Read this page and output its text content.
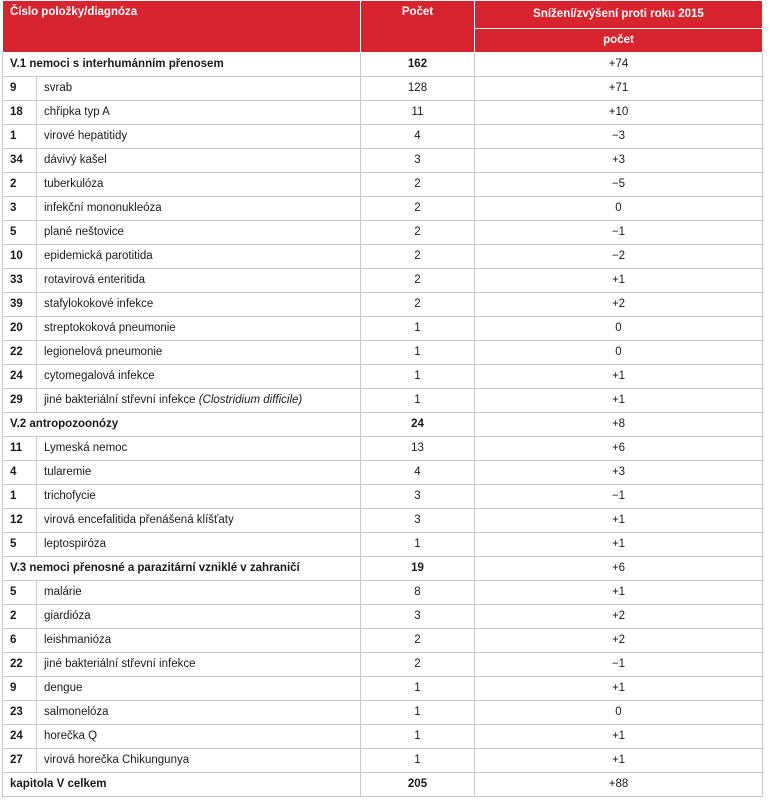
Číslo položky/diagnóza		Počet	Snížení/zvýšení proti roku 2015
			počet
V.1 nemoci s interhumánním přenosem		162	+74
9	svrab	128	+71
18	chřipka typ A	11	+10
1	virové hepatitidy	4	−3
34	dávivý kašel	3	+3
2	tuberkulóza	2	−5
3	infekční mononukleóza	2	0
5	plané neštovice	2	−1
10	epidemická parotitida	2	−2
33	rotavirová enteritida	2	+1
39	stafylokokové infekce	2	+2
20	streptokoková pneumonie	1	0
22	legionelová pneumonie	1	0
24	cytomegalová infekce	1	+1
29	jiné bakteriální střevní infekce (Clostridium difficile)	1	+1
V.2 antropozoonózy		24	+8
11	Lymeská nemoc	13	+6
4	tularemie	4	+3
1	trichofycie	3	−1
12	virová encefalitida přenášená klíšťaty	3	+1
5	leptospiróza	1	+1
V.3 nemoci přenosné a parazitární vzniklé v zahraničí		19	+6
5	malárie	8	+1
2	giardióza	3	+2
6	leishmanióza	2	+2
22	jiné bakteriální střevní infekce	2	−1
9	dengue	1	+1
23	salmonelóza	1	0
24	horečka Q	1	+1
27	virová horečka Chikungunya	1	+1
kapitola V celkem		205	+88
